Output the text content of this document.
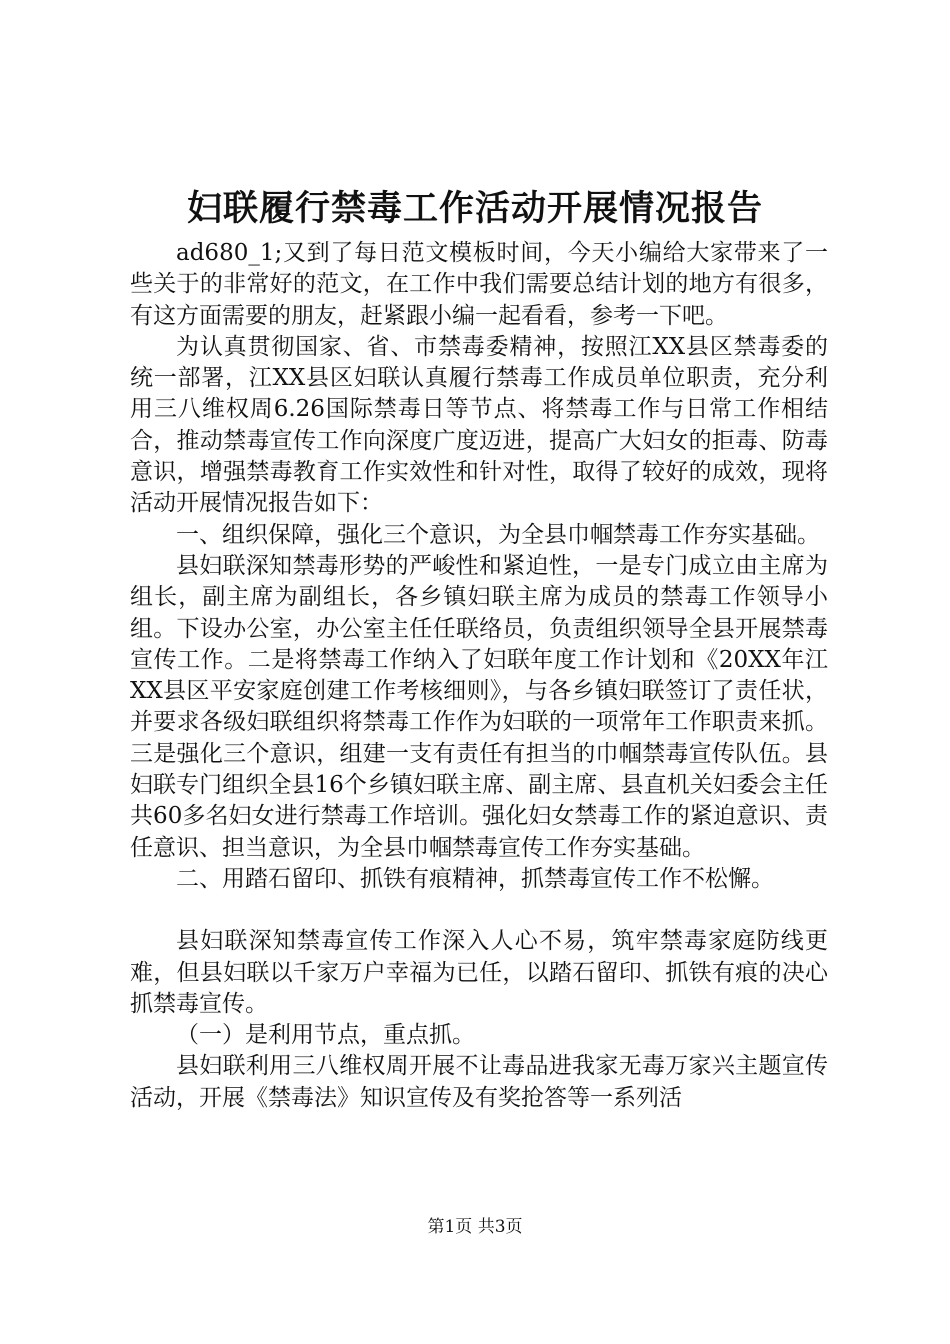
妇联履行禁毒工作活动开展情况报告

ad680_1;又到了每日范文模板时间，今天小编给大家带来了一些关于的非常好的范文，在工作中我们需要总结计划的地方有很多，有这方面需要的朋友，赶紧跟小编一起看看，参考一下吧。

为认真贯彻国家、省、市禁毒委精神，按照江XX县区禁毒委的统一部署，江XX县区妇联认真履行禁毒工作成员单位职责，充分利用三八维权周6.26国际禁毒日等节点、将禁毒工作与日常工作相结合，推动禁毒宣传工作向深度广度迈进，提高广大妇女的拒毒、防毒意识，增强禁毒教育工作实效性和针对性，取得了较好的成效，现将活动开展情况报告如下：

一、组织保障，强化三个意识，为全县巾帼禁毒工作夯实基础。

县妇联深知禁毒形势的严峻性和紧迫性，一是专门成立由主席为组长，副主席为副组长，各乡镇妇联主席为成员的禁毒工作领导小组。下设办公室，办公室主任任联络员，负责组织领导全县开展禁毒宣传工作。二是将禁毒工作纳入了妇联年度工作计划和《20XX年江XX县区平安家庭创建工作考核细则》，与各乡镇妇联签订了责任状，并要求各级妇联组织将禁毒工作作为妇联的一项常年工作职责来抓。三是强化三个意识，组建一支有责任有担当的巾帼禁毒宣传队伍。县妇联专门组织全县16个乡镇妇联主席、副主席、县直机关妇委会主任共60多名妇女进行禁毒工作培训。强化妇女禁毒工作的紧迫意识、责任意识、担当意识，为全县巾帼禁毒宣传工作夯实基础。

二、用踏石留印、抓铁有痕精神，抓禁毒宣传工作不松懈。

县妇联深知禁毒宣传工作深入人心不易，筑牢禁毒家庭防线更难，但县妇联以千家万户幸福为已任，以踏石留印、抓铁有痕的决心抓禁毒宣传。

（一）是利用节点，重点抓。

县妇联利用三八维权周开展不让毒品进我家无毒万家兴主题宣传活动，开展《禁毒法》知识宣传及有奖抢答等一系列活

第1页 共3页
